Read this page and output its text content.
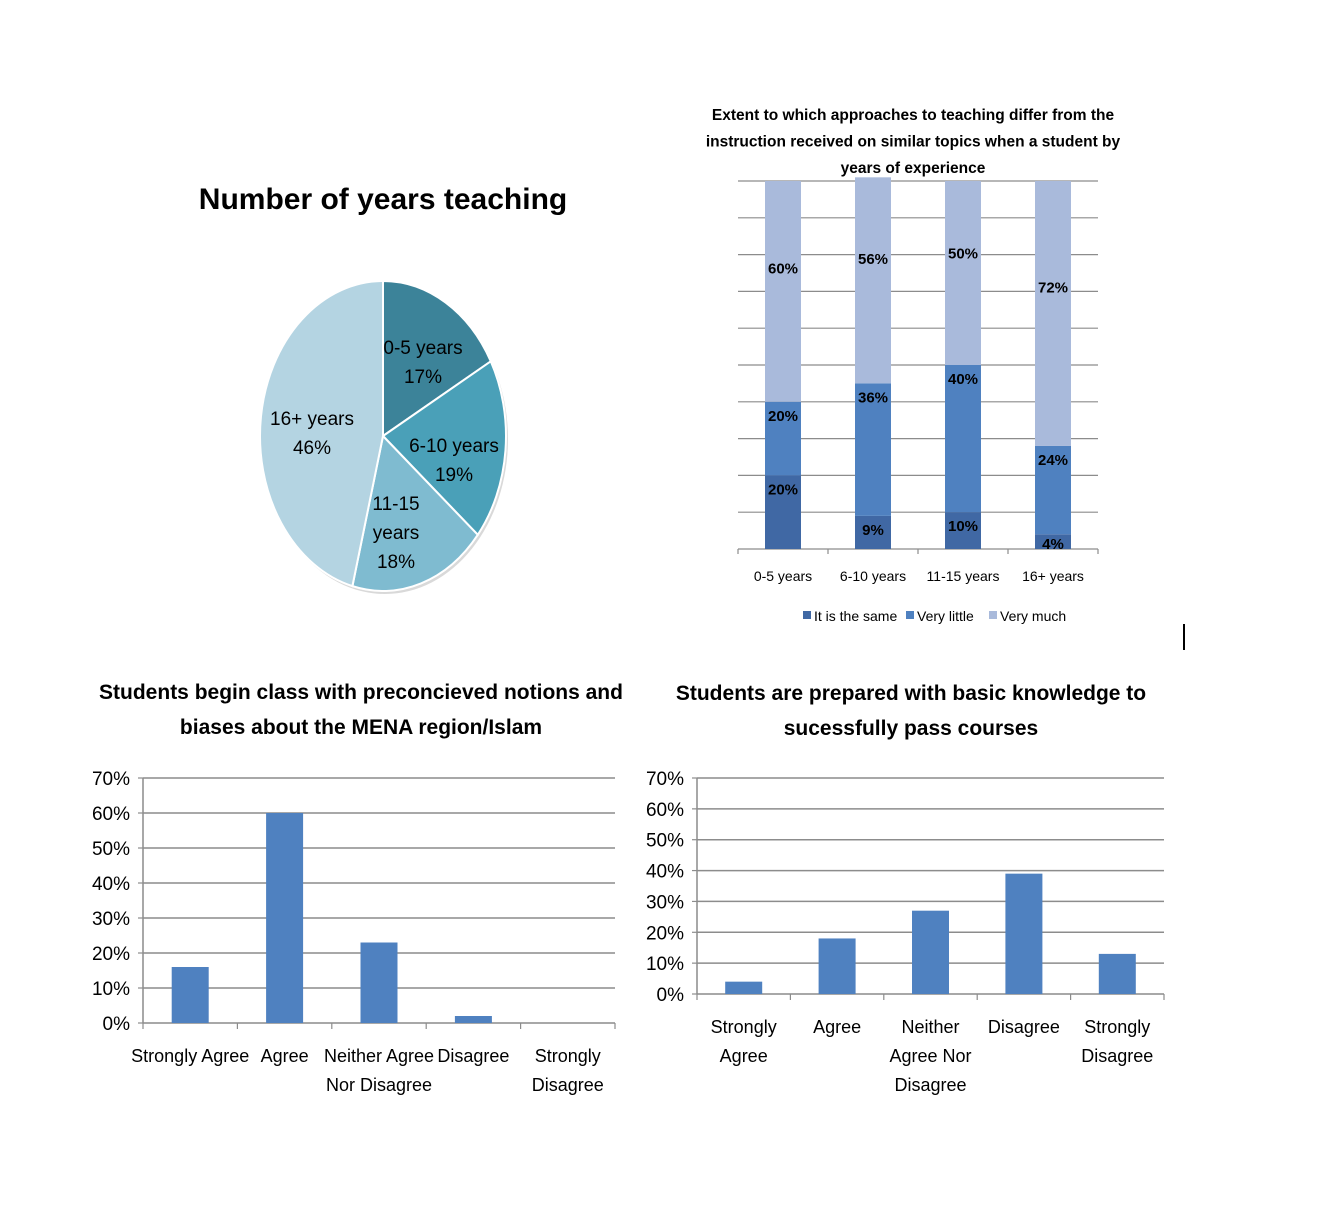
Number of years teaching
0-5 years 17%
6-10 years 19%
11-15 years 18%
16+ years 46%
Extent to which approaches to teaching differ from the
instruction received on similar topics when a student by
years of experience
20%
20%
60%
0-5 years
9%
36%
56%
6-10 years
10%
40%
50%
11-15 years
4%
24%
72%
16+ years
It is the same Very little Very much
Students begin class with preconcieved notions and
biases about the MENA region/Islam
0%
10%
20%
30%
40%
50%
60%
70%
Strongly Agree Agree Neither Agree Nor Disagree
Disagree Strongly Disagree
Students are prepared with basic knowledge to
sucessfully pass courses
0%
10%
20%
30%
40%
50%
60%
70%
Strongly Agree
Agree	Neither Agree Nor Disagree
Disagree Strongly Disagree
